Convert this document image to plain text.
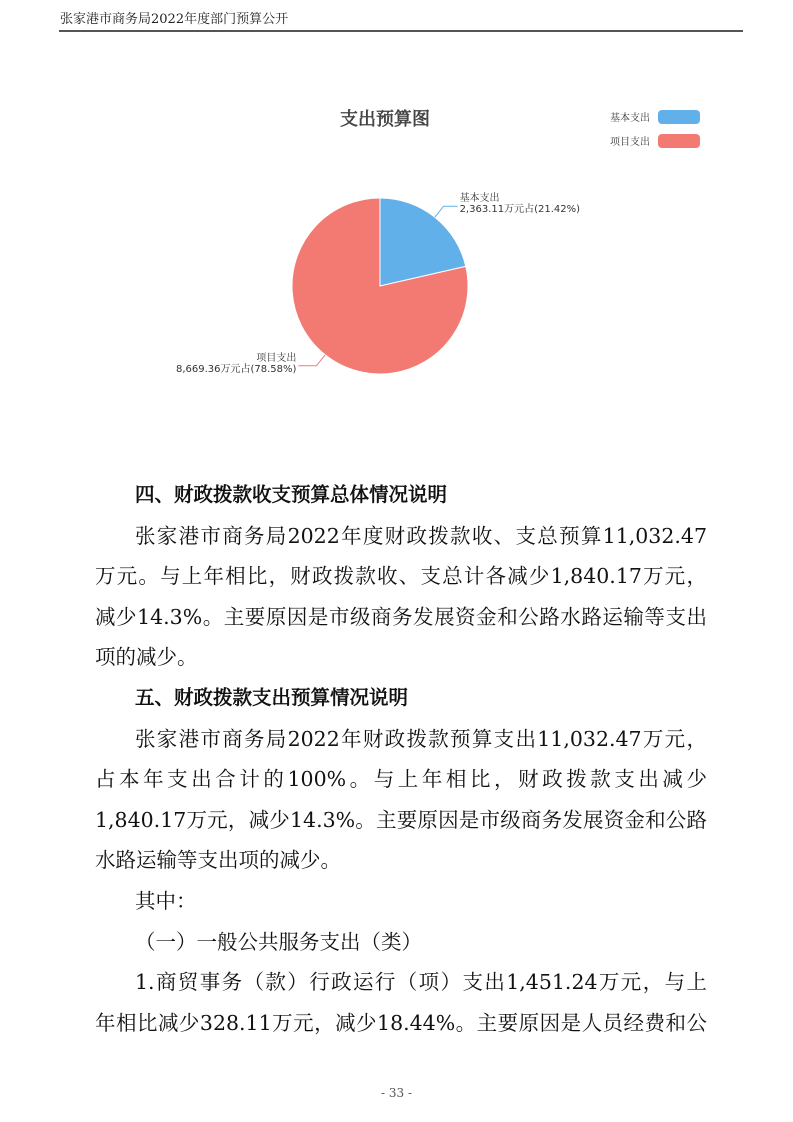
张家港市商务局2022年度部门预算公开
支出预算图	基本支出
项目支出
基本支出
2,363.11万元占(21.42%)
项目支出
8,669.36万元占(78.58%)
四、财政拨款收支预算总体情况说明
张家港市商务局2022年度财政拨款收、支总预算11,032.47
万元。与上年相比，财政拨款收、支总计各减少1,840.17万元，
减少14.3%。主要原因是市级商务发展资金和公路水路运输等支出
项的减少。
五、财政拨款支出预算情况说明
张家港市商务局2022年财政拨款预算支出11,032.47万元，
占本年支出合计的100%。与上年相比，财政拨款支出减少
1,840.17万元，减少14.3%。主要原因是市级商务发展资金和公路
水路运输等支出项的减少。
其中：
（一）一般公共服务支出（类）
1.商贸事务（款）行政运行（项）支出1,451.24万元，与上
年相比减少328.11万元，减少18.44%。主要原因是人员经费和公
- 33 -
